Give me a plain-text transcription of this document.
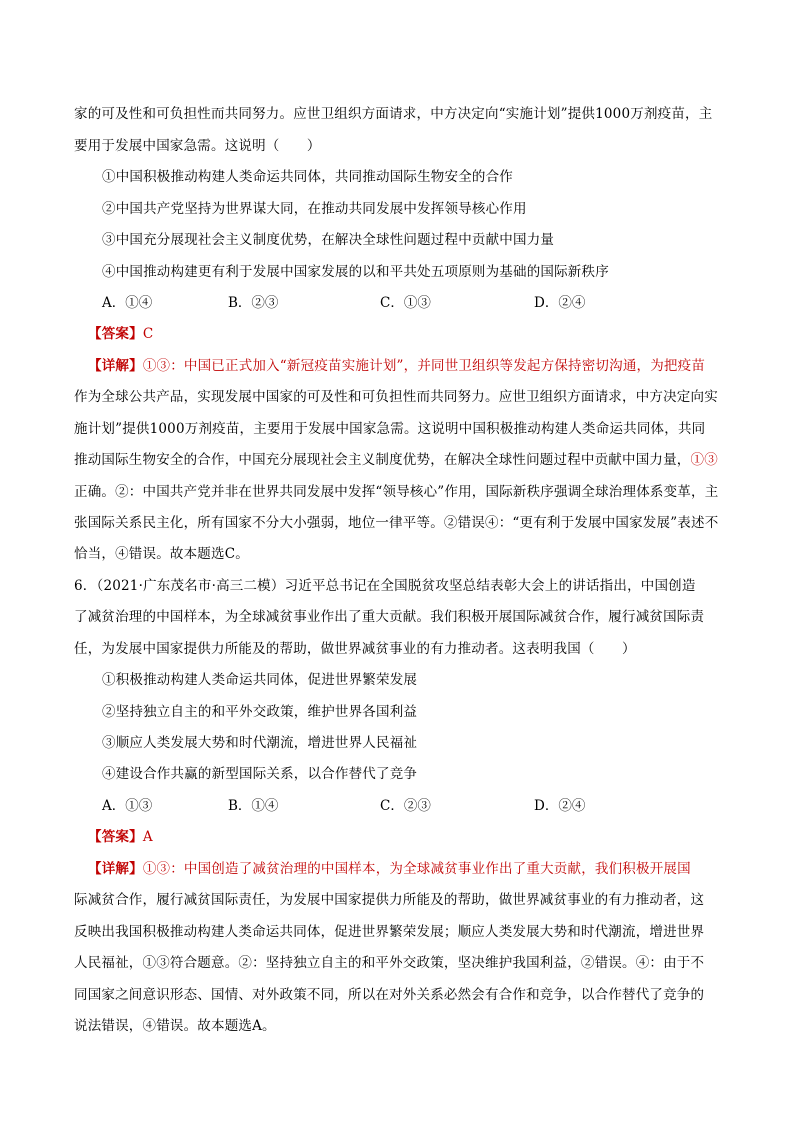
家的可及性和可负担性而共同努力。应世卫组织方面请求，中方决定向“实施计划”提供1000万剂疫苗，主
要用于发展中国家急需。这说明（　　）
①中国积极推动构建人类命运共同体，共同推动国际生物安全的合作
②中国共产党坚持为世界谋大同，在推动共同发展中发挥领导核心作用
③中国充分展现社会主义制度优势，在解决全球性问题过程中贡献中国力量
④中国推动构建更有利于发展中国家发展的以和平共处五项原则为基础的国际新秩序
A．①④	B．②③	C．①③	D．②④
【答案】C
【详解】①③：中国已正式加入“新冠疫苗实施计划”，并同世卫组织等发起方保持密切沟通，为把疫苗
作为全球公共产品，实现发展中国家的可及性和可负担性而共同努力。应世卫组织方面请求，中方决定向实
施计划”提供1000万剂疫苗，主要用于发展中国家急需。这说明中国积极推动构建人类命运共同体，共同
推动国际生物安全的合作，中国充分展现社会主义制度优势，在解决全球性问题过程中贡献中国力量，①③
正确。②：中国共产党并非在世界共同发展中发挥“领导核心”作用，国际新秩序强调全球治理体系变革，主
张国际关系民主化，所有国家不分大小强弱，地位一律平等。②错误④：“更有利于发展中国家发展”表述不
恰当，④错误。故本题选C。
6．（2021·广东茂名市·高三二模）习近平总书记在全国脱贫攻坚总结表彰大会上的讲话指出，中国创造
了减贫治理的中国样本，为全球减贫事业作出了重大贡献。我们积极开展国际减贫合作，履行减贫国际责
任，为发展中国家提供力所能及的帮助，做世界减贫事业的有力推动者。这表明我国（　　）
①积极推动构建人类命运共同体，促进世界繁荣发展
②坚持独立自主的和平外交政策，维护世界各国利益
③顺应人类发展大势和时代潮流，增进世界人民福祉
④建设合作共赢的新型国际关系，以合作替代了竞争
A．①③	B．①④	C．②③	D．②④
【答案】A
【详解】①③：中国创造了减贫治理的中国样本，为全球减贫事业作出了重大贡献，我们积极开展国
际减贫合作，履行减贫国际责任，为发展中国家提供力所能及的帮助，做世界减贫事业的有力推动者，这
反映出我国积极推动构建人类命运共同体，促进世界繁荣发展；顺应人类发展大势和时代潮流，增进世界
人民福祉，①③符合题意。②：坚持独立自主的和平外交政策，坚决维护我国利益，②错误。④：由于不
同国家之间意识形态、国情、对外政策不同，所以在对外关系必然会有合作和竞争，以合作替代了竞争的
说法错误，④错误。故本题选A。
